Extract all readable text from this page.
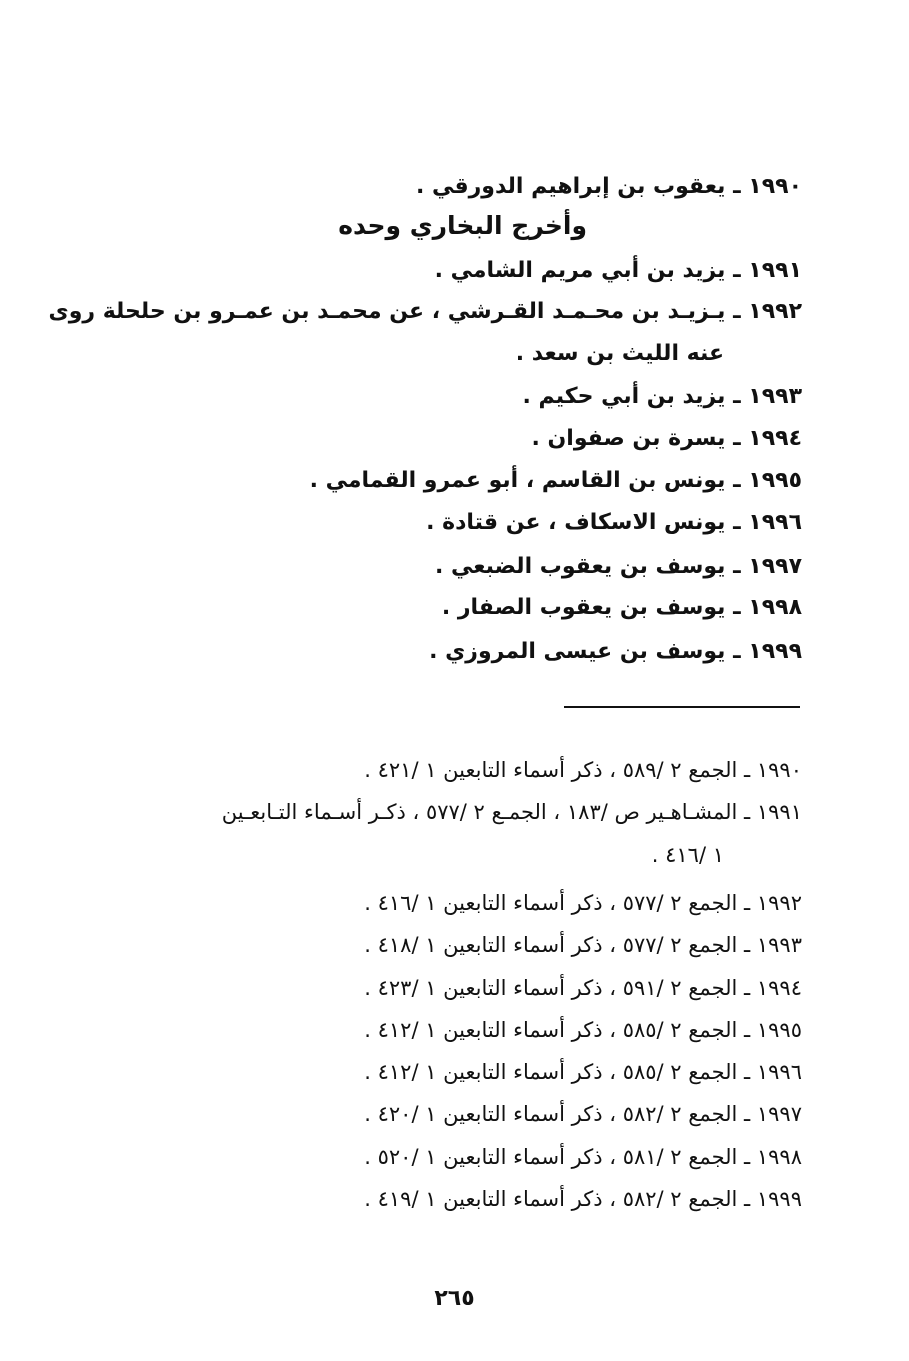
١٩٩٠ ـ يعقوب بن إبراهيم الدورقي .
وأخرج البخاري وحده
١٩٩١ ـ يزيد بن أبي مريم الشامي .
١٩٩٢ ـ يـزيـد بن محـمـد القـرشي ، عن محمـد بن عمـرو بن حلحلة روى
عنه الليث بن سعد .
١٩٩٣ ـ يزيد بن أبي حكيم .
١٩٩٤ ـ يسرة بن صفوان .
١٩٩٥ ـ يونس بن القاسم ، أبو عمرو القمامي .
١٩٩٦ ـ يونس الاسكاف ، عن قتادة .
١٩٩٧ ـ يوسف بن يعقوب الضبعي .
١٩٩٨ ـ يوسف بن يعقوب الصفار .
١٩٩٩ ـ يوسف بن عيسى المروزي .
١٩٩٠ ـ الجمع ٢ /٥٨٩ ، ذكر أسماء التابعين ١ /٤٢١ .
١٩٩١ ـ المشـاهـير ص /١٨٣ ، الجمـع ٢ /٥٧٧ ، ذكـر أسـماء التـابعـين
١ /٤١٦ .
١٩٩٢ ـ الجمع ٢ /٥٧٧ ، ذكر أسماء التابعين ١ /٤١٦ .
١٩٩٣ ـ الجمع ٢ /٥٧٧ ، ذكر أسماء التابعين ١ /٤١٨ .
١٩٩٤ ـ الجمع ٢ /٥٩١ ، ذكر أسماء التابعين ١ /٤٢٣ .
١٩٩٥ ـ الجمع ٢ /٥٨٥ ، ذكر أسماء التابعين ١ /٤١٢ .
١٩٩٦ ـ الجمع ٢ /٥٨٥ ، ذكر أسماء التابعين ١ /٤١٢ .
١٩٩٧ ـ الجمع ٢ /٥٨٢ ، ذكر أسماء التابعين ١ /٤٢٠ .
١٩٩٨ ـ الجمع ٢ /٥٨١ ، ذكر أسماء التابعين ١ /٥٢٠ .
١٩٩٩ ـ الجمع ٢ /٥٨٢ ، ذكر أسماء التابعين ١ /٤١٩ .
٢٦٥
